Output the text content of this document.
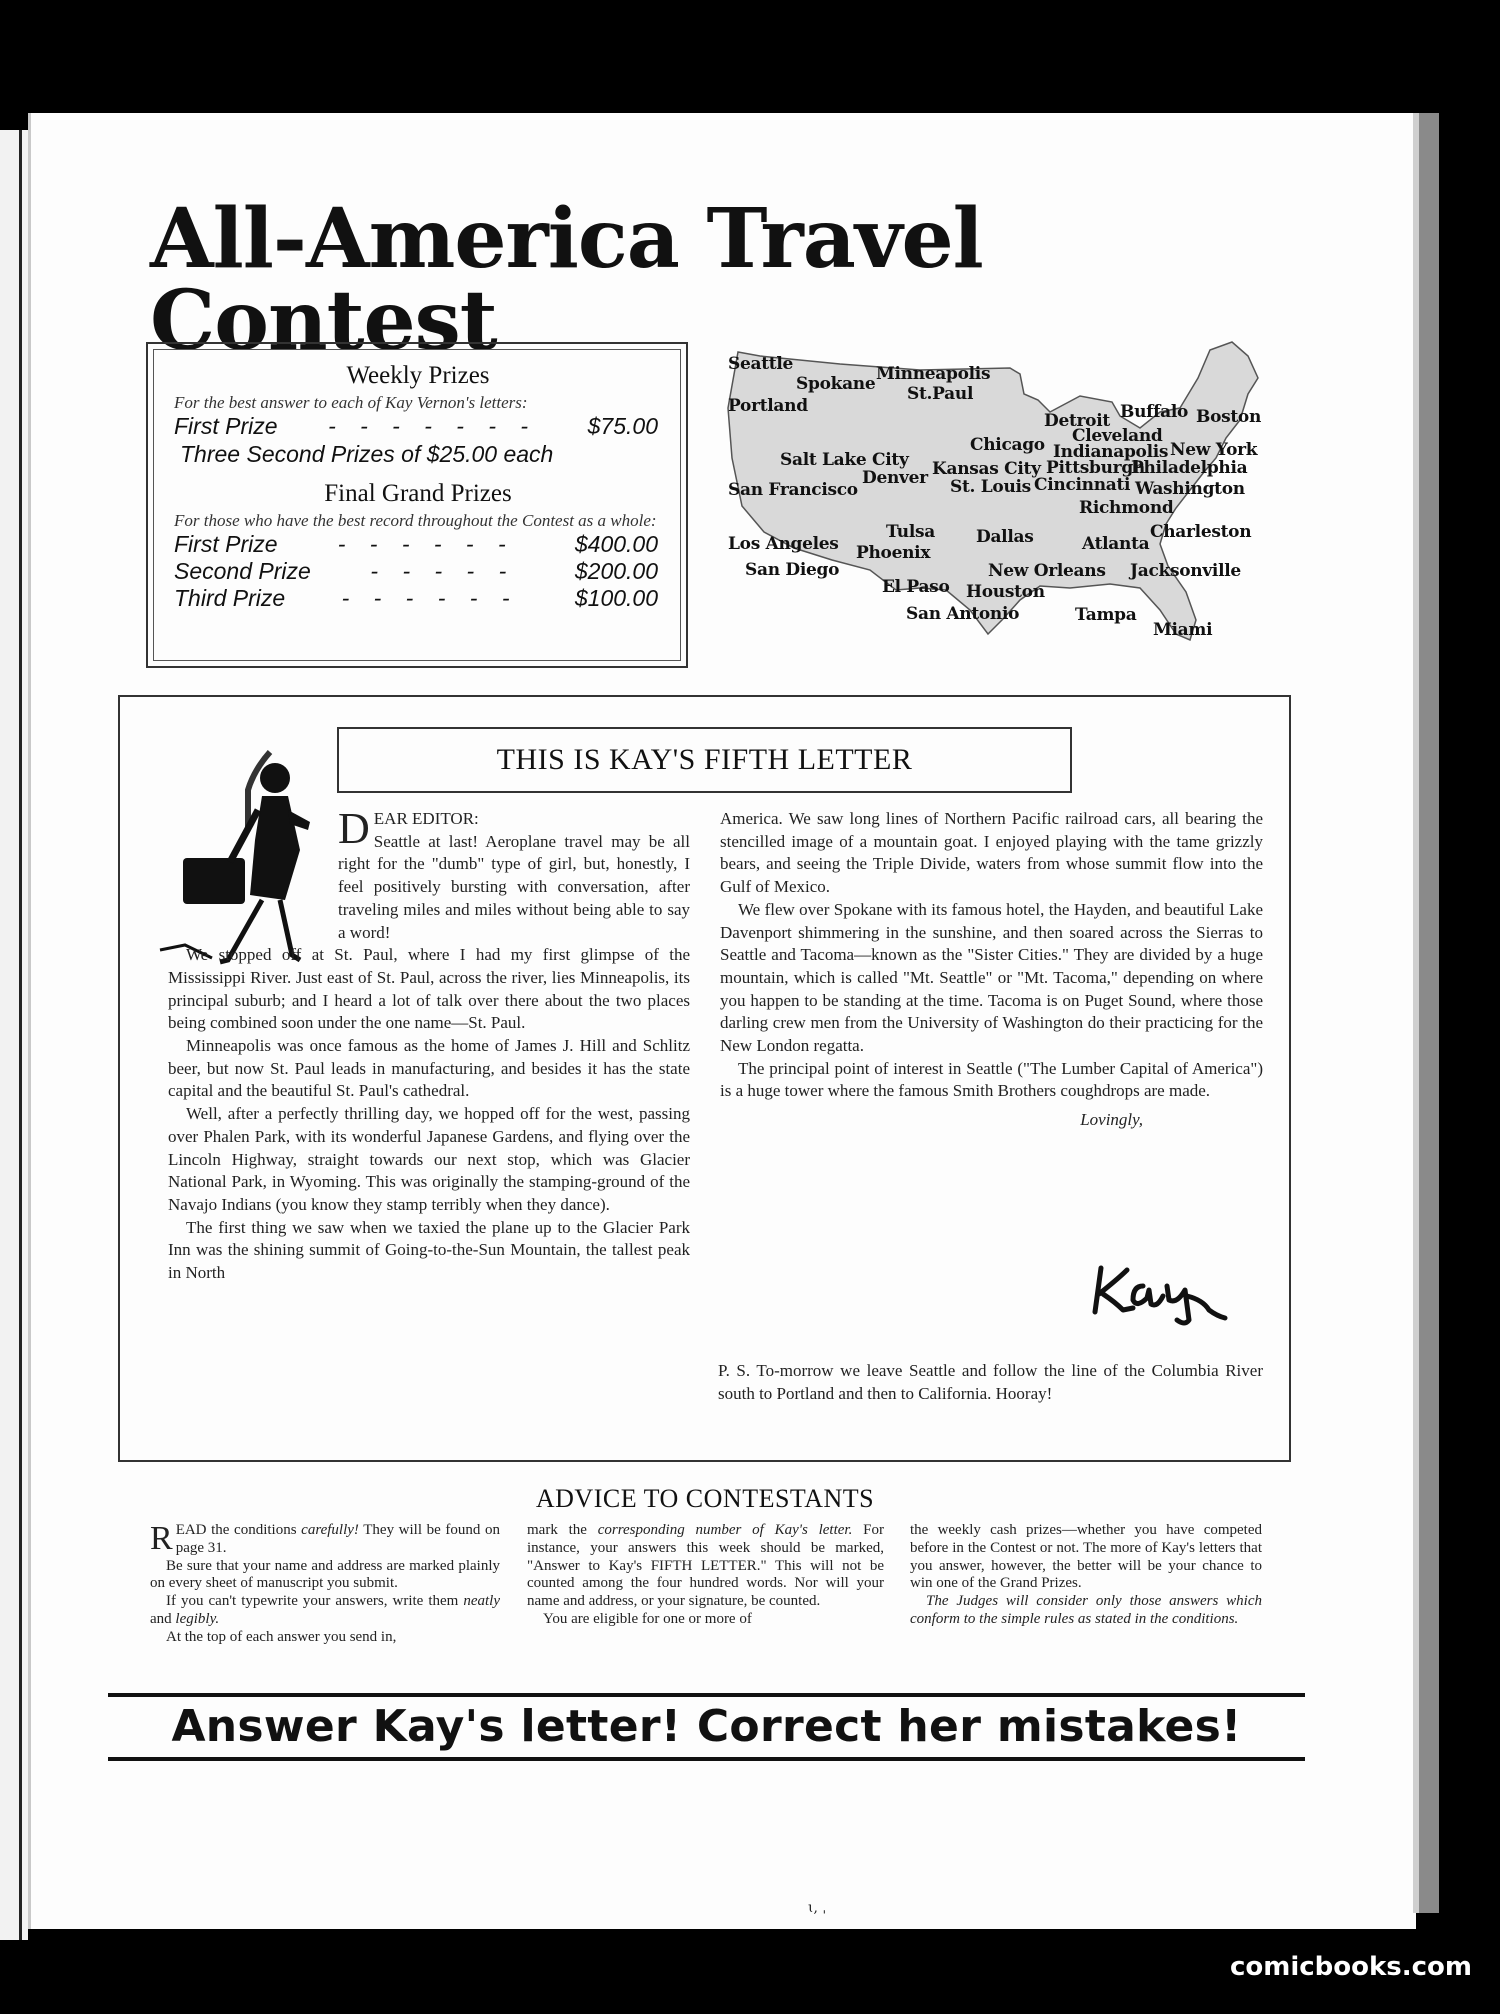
All-America Travel Contest
Weekly Prizes
For the best answer to each of Kay Vernon's letters:
First Prize	- - - - - - -	$75.00
Three Second Prizes of $25.00 each
Final Grand Prizes
For those who have the best record throughout the Contest as a whole:
First Prize	- - - - - -	$400.00
Second Prize	- - - - -	$200.00
Third Prize	- - - - - -	$100.00
Seattle
Spokane Minneapolis
St.Paul
Portland
Detroit Buffalo Boston
Cleveland
Chicago Indianapolis New York
Salt Lake City Kansas City Pittsburgh
Philadelphia
Denver
San Francisco	St. Louis Cincinnati Washington
Richmond
Tulsa
Los Angeles	Dallas	Atlanta
Charleston
Phoenix
San Diego	New Orleans Jacksonville
El Paso Houston
San Antonio	Tampa
Miami
THIS IS KAY'S FIFTH LETTER

DEAR EDITOR:
Seattle at last! Aeroplane travel may be all right for the "dumb" type of girl, but, honestly, I feel positively bursting with conversation, after traveling miles and miles without being able to say a word!

We stopped off at St. Paul, where I had my first glimpse of the Mississippi River. Just east of St. Paul, across the river, lies Minneapolis, its principal suburb; and I heard a lot of talk over there about the two places being combined soon under the one name—St. Paul.

Minneapolis was once famous as the home of James J. Hill and Schlitz beer, but now St. Paul leads in manufacturing, and besides it has the state capital and the beautiful St. Paul's cathedral.

Well, after a perfectly thrilling day, we hopped off for the west, passing over Phalen Park, with its wonderful Japanese Gardens, and flying over the Lincoln Highway, straight towards our next stop, which was Glacier National Park, in Wyoming. This was originally the stamping-ground of the Navajo Indians (you know they stamp terribly when they dance).

The first thing we saw when we taxied the plane up to the Glacier Park Inn was the shining summit of Going-to-the-Sun Mountain, the tallest peak in North

America. We saw long lines of Northern Pacific railroad cars, all bearing the stencilled image of a mountain goat. I enjoyed playing with the tame grizzly bears, and seeing the Triple Divide, waters from whose summit flow into the Gulf of Mexico.

We flew over Spokane with its famous hotel, the Hayden, and beautiful Lake Davenport shimmering in the sunshine, and then soared across the Sierras to Seattle and Tacoma—known as the "Sister Cities." They are divided by a huge mountain, which is called "Mt. Seattle" or "Mt. Tacoma," depending on where you happen to be standing at the time. Tacoma is on Puget Sound, where those darling crew men from the University of Washington do their practicing for the New London regatta.

The principal point of interest in Seattle ("The Lumber Capital of America") is a huge tower where the famous Smith Brothers coughdrops are made.

Lovingly,
P. S. To-morrow we leave Seattle and follow the line of the Columbia River south to Portland and then to California. Hooray!
ADVICE TO CONTESTANTS

READ the conditions carefully! They will be found on page 31.

Be sure that your name and address are marked plainly on every sheet of manuscript you submit.

If you can't typewrite your answers, write them neatly and legibly.

At the top of each answer you send in,

mark the corresponding number of Kay's letter. For instance, your answers this week should be marked, "Answer to Kay's FIFTH LETTER." This will not be counted among the four hundred words. Nor will your name and address, or your signature, be counted.

You are eligible for one or more of

the weekly cash prizes—whether you have competed before in the Contest or not. The more of Kay's letters that you answer, however, the better will be your chance to win one of the Grand Prizes.

The Judges will consider only those answers which conform to the simple rules as stated in the conditions.

Answer Kay's letter! Correct her mistakes!
ɩ, ˌ
comicbooks.com
